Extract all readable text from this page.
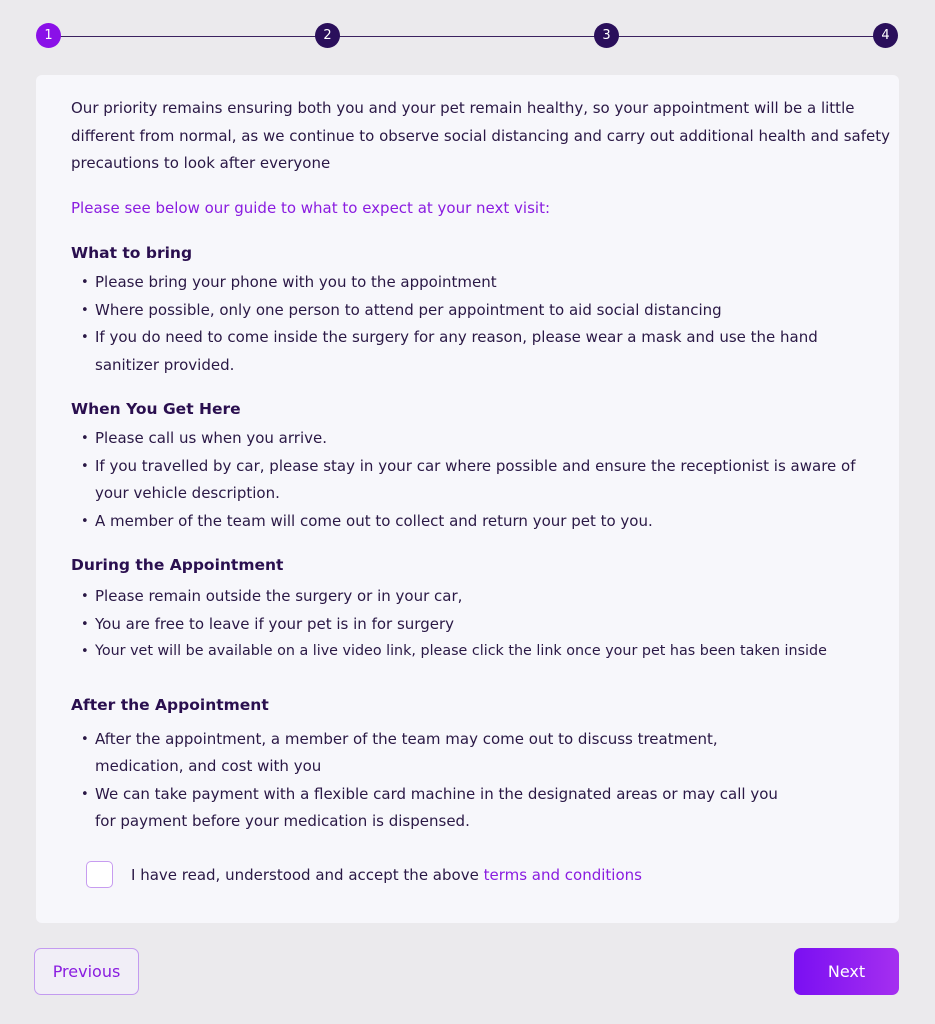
1	2	3	4

Our priority remains ensuring both you and your pet remain healthy, so your appointment will be a little different from normal, as we continue to observe social distancing and carry out additional health and safety precautions to look after everyone

Please see below our guide to what to expect at your next visit:

What to bring
• Please bring your phone with you to the appointment
• Where possible, only one person to attend per appointment to aid social distancing
• If you do need to come inside the surgery for any reason, please wear a mask and use the hand sanitizer provided.
When You Get Here
• Please call us when you arrive.
• If you travelled by car, please stay in your car where possible and ensure the receptionist is aware of your vehicle description.
• A member of the team will come out to collect and return your pet to you.
During the Appointment
• Please remain outside the surgery or in your car,
• You are free to leave if your pet is in for surgery
• Your vet will be available on a live video link, please click the link once your pet has been taken inside
After the Appointment
• After the appointment, a member of the team may come out to discuss treatment, medication, and cost with you
• We can take payment with a flexible card machine in the designated areas or may call you for payment before your medication is dispensed.
I have read, understood and accept the above terms and conditions
Previous	Next
